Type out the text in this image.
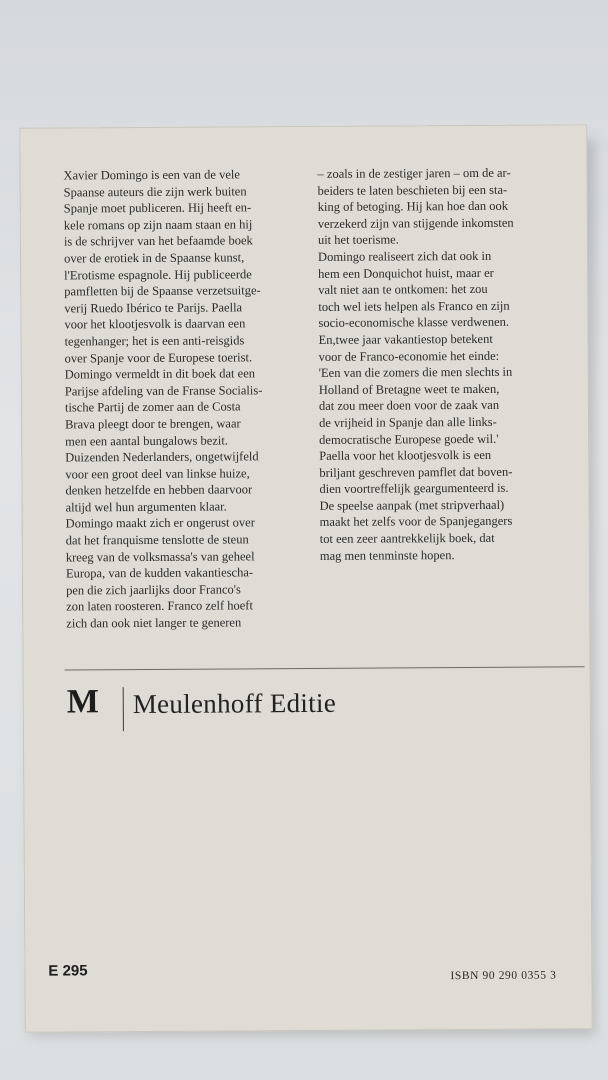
Xavier Domingo is een van de vele

Spaanse auteurs die zijn werk buiten

Spanje moet publiceren. Hij heeft en-

kele romans op zijn naam staan en hij

is de schrijver van het befaamde boek

over de erotiek in de Spaanse kunst,

l'Erotisme espagnole. Hij publiceerde

pamfletten bij de Spaanse verzetsuitge-

verij Ruedo Ibérico te Parijs. Paella

voor het klootjesvolk is daarvan een

tegenhanger; het is een anti-reisgids

over Spanje voor de Europese toerist.

Domingo vermeldt in dit boek dat een

Parijse afdeling van de Franse Socialis-

tische Partij de zomer aan de Costa

Brava pleegt door te brengen, waar

men een aantal bungalows bezit.

Duizenden Nederlanders, ongetwijfeld

voor een groot deel van linkse huize,

denken hetzelfde en hebben daarvoor

altijd wel hun argumenten klaar.

Domingo maakt zich er ongerust over

dat het franquisme tenslotte de steun

kreeg van de volksmassa's van geheel

Europa, van de kudden vakantiescha-

pen die zich jaarlijks door Franco's

zon laten roosteren. Franco zelf hoeft

zich dan ook niet langer te generen

– zoals in de zestiger jaren – om de ar-

beiders te laten beschieten bij een sta-

king of betoging. Hij kan hoe dan ook

verzekerd zijn van stijgende inkomsten

uit het toerisme.

Domingo realiseert zich dat ook in

hem een Donquichot huist, maar er

valt niet aan te ontkomen: het zou

toch wel iets helpen als Franco en zijn

socio-economische klasse verdwenen.

En,twee jaar vakantiestop betekent

voor de Franco-economie het einde:

'Een van die zomers die men slechts in

Holland of Bretagne weet te maken,

dat zou meer doen voor de zaak van

de vrijheid in Spanje dan alle links-

democratische Europese goede wil.'

Paella voor het klootjesvolk is een

briljant geschreven pamflet dat boven-

dien voortreffelijk geargumenteerd is.

De speelse aanpak (met stripverhaal)

maakt het zelfs voor de Spanjegangers

tot een zeer aantrekkelijk boek, dat

mag men tenminste hopen.

M Meulenhoff Editie
E 295	ISBN 90 290 0355 3
